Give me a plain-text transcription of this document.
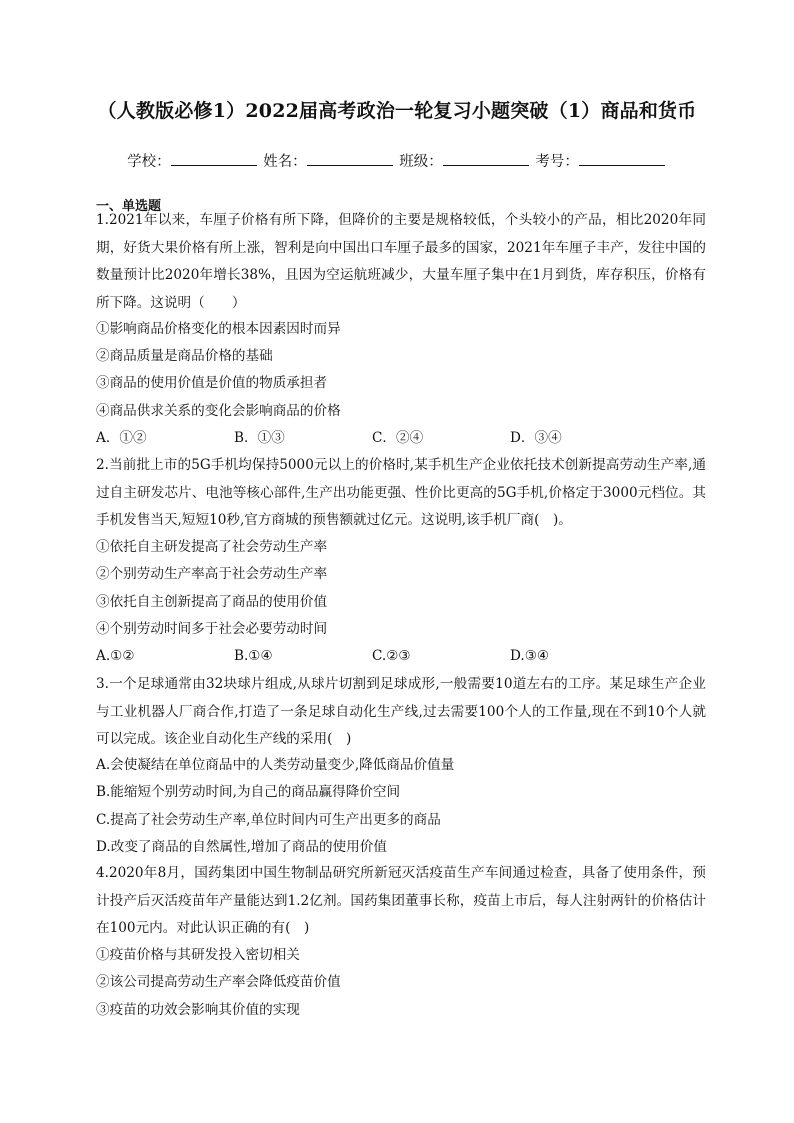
（人教版必修1）2022届高考政治一轮复习小题突破（1）商品和货币
学校：	姓名：	班级：	考号：
一、单选题
1.2021年以来，车厘子价格有所下降，但降价的主要是规格较低，个头较小的产品，相比2020年同期，好货大果价格有所上涨，智利是向中国出口车厘子最多的国家，2021年车厘子丰产，发往中国的数量预计比2020年增长38%，且因为空运航班减少，大量车厘子集中在1月到货，库存积压，价格有所下降。这说明（　　）
①影响商品价格变化的根本因素因时而异
②商品质量是商品价格的基础
③商品的使用价值是价值的物质承担者
④商品供求关系的变化会影响商品的价格
A．①②	B．①③	C．②④	D．③④
2.当前批上市的5G手机均保持5000元以上的价格时,某手机生产企业依托技术创新提高劳动生产率,通过自主研发芯片、电池等核心部件,生产出功能更强、性价比更高的5G手机,价格定于3000元档位。其手机发售当天,短短10秒,官方商城的预售额就过亿元。这说明,该手机厂商(　)。
①依托自主研发提高了社会劳动生产率
②个别劳动生产率高于社会劳动生产率
③依托自主创新提高了商品的使用价值
④个别劳动时间多于社会必要劳动时间
A.①②	B.①④	C.②③	D.③④
3.一个足球通常由32块球片组成,从球片切割到足球成形,一般需要10道左右的工序。某足球生产企业与工业机器人厂商合作,打造了一条足球自动化生产线,过去需要100个人的工作量,现在不到10个人就可以完成。该企业自动化生产线的采用(　)
A.会使凝结在单位商品中的人类劳动量变少,降低商品价值量
B.能缩短个别劳动时间,为自己的商品赢得降价空间
C.提高了社会劳动生产率,单位时间内可生产出更多的商品
D.改变了商品的自然属性,增加了商品的使用价值
4.2020年8月，国药集团中国生物制品研究所新冠灭活疫苗生产车间通过检查，具备了使用条件，预计投产后灭活疫苗年产量能达到1.2亿剂。国药集团董事长称，疫苗上市后，每人注射两针的价格估计在100元内。对此认识正确的有(　)
①疫苗价格与其研发投入密切相关
②该公司提高劳动生产率会降低疫苗价值
③疫苗的功效会影响其价值的实现
